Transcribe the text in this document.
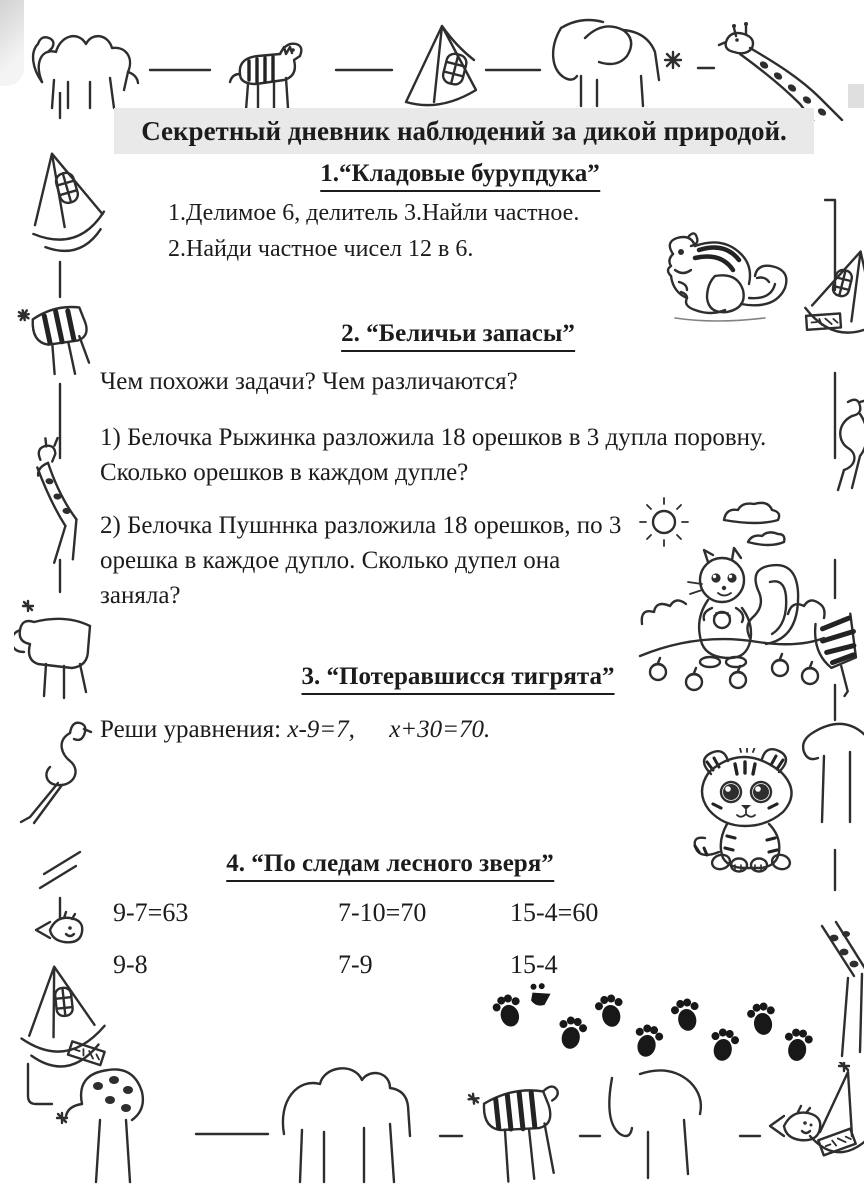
Секретный дневник наблюдений за дикой природой.
1.“Кладовые бурупдука”
1.Делимое 6, делитель 3.Найли частное.
2.Найди частное чисел 12 в 6.
2. “Беличьи запасы”
Чем похожи задачи? Чем различаются?
1) Белочка Рыжинка разложила 18 орешков в 3 дупла поровну.
Сколько орешков в каждом дупле?
2) Белочка Пушннка разложила 18 орешков, по 3
орешка в каждое дупло. Сколько дупел она
заняла?
3. “Потеравшисся тигрята”
Реши уравнения: x-9=7, x+30=70.
4. “По следам лесного зверя”
9-7=63	7-10=70	15-4=60
9-8	7-9	15-4
